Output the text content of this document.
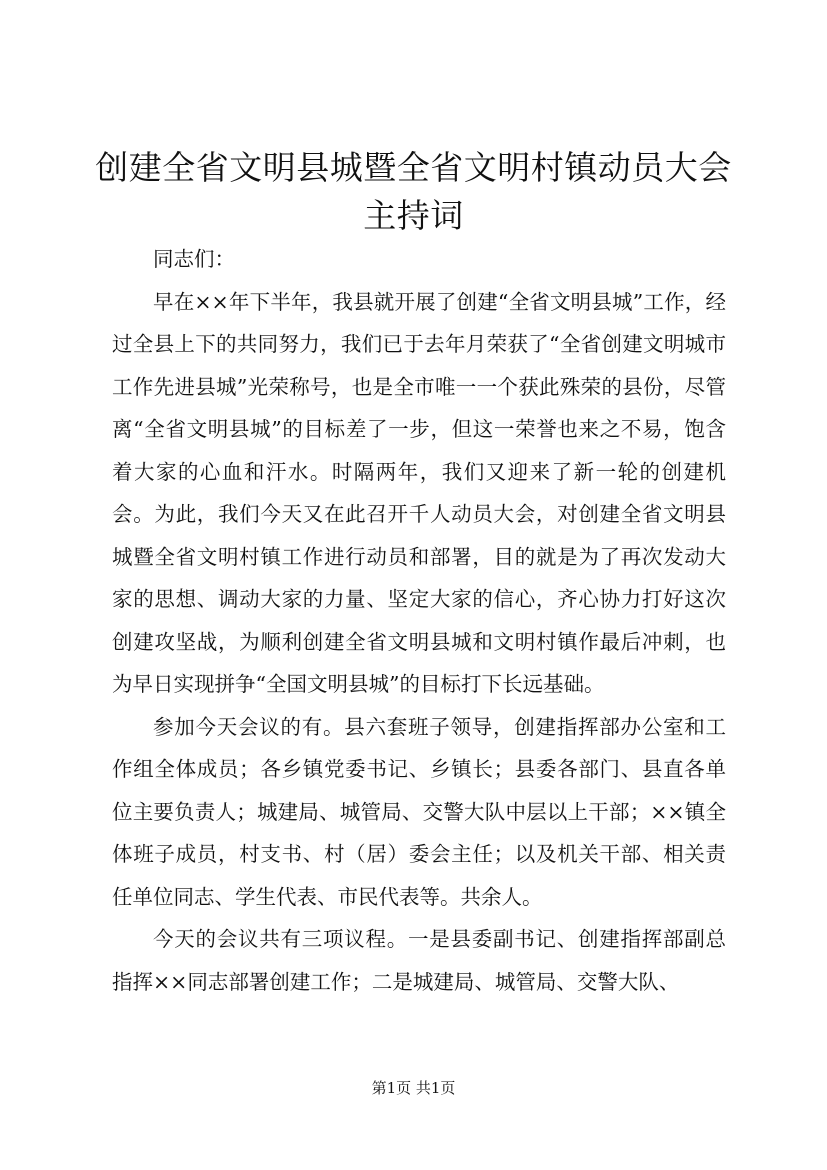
创建全省文明县城暨全省文明村镇动员大会主持词

同志们：

早在××年下半年，我县就开展了创建“全省文明县城”工作，经过全县上下的共同努力，我们已于去年月荣获了“全省创建文明城市工作先进县城”光荣称号，也是全市唯一一个获此殊荣的县份，尽管离“全省文明县城”的目标差了一步，但这一荣誉也来之不易，饱含着大家的心血和汗水。时隔两年，我们又迎来了新一轮的创建机会。为此，我们今天又在此召开千人动员大会，对创建全省文明县城暨全省文明村镇工作进行动员和部署，目的就是为了再次发动大家的思想、调动大家的力量、坚定大家的信心，齐心协力打好这次创建攻坚战，为顺利创建全省文明县城和文明村镇作最后冲刺，也为早日实现拼争“全国文明县城”的目标打下长远基础。

参加今天会议的有。县六套班子领导，创建指挥部办公室和工作组全体成员；各乡镇党委书记、乡镇长；县委各部门、县直各单位主要负责人；城建局、城管局、交警大队中层以上干部；××镇全体班子成员，村支书、村（居）委会主任；以及机关干部、相关责任单位同志、学生代表、市民代表等。共余人。

今天的会议共有三项议程。一是县委副书记、创建指挥部副总指挥××同志部署创建工作；二是城建局、城管局、交警大队、

第1页 共1页
